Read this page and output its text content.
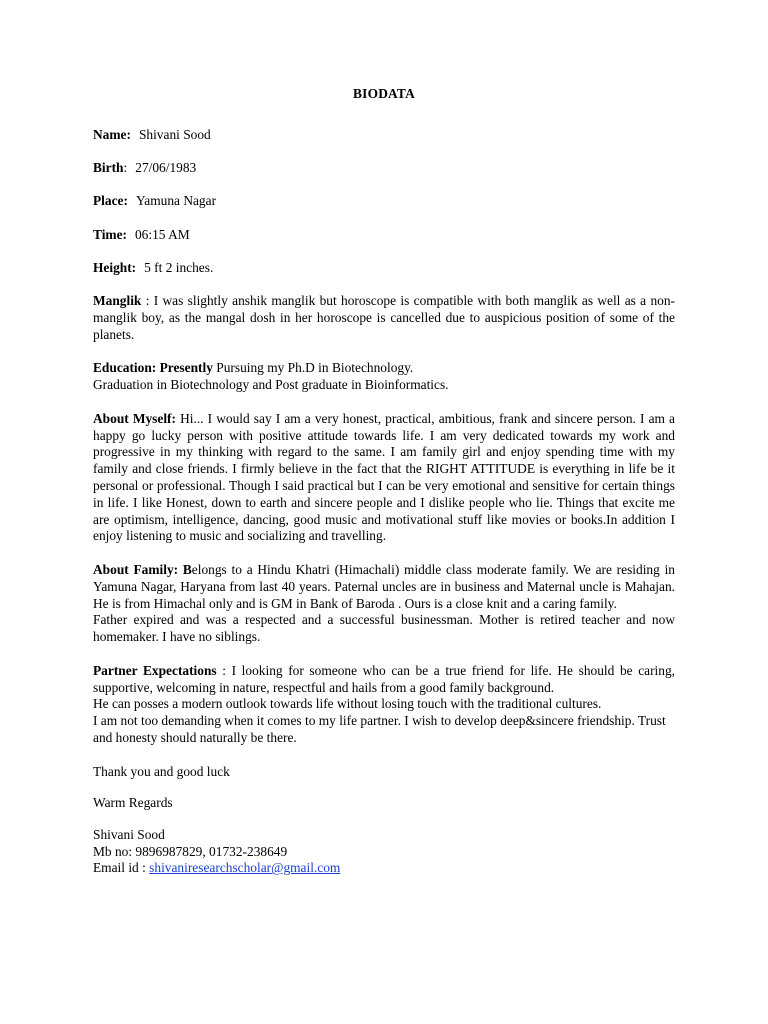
BIODATA
Name: Shivani Sood
Birth: 27/06/1983
Place: Yamuna Nagar
Time: 06:15 AM
Height: 5 ft 2 inches.
Manglik : I was slightly anshik manglik but horoscope is compatible with both manglik as well as a non- manglik boy, as the mangal dosh in her horoscope is cancelled due to auspicious position of some of the planets.
Education: Presently Pursuing my Ph.D in Biotechnology.
Graduation in Biotechnology and Post graduate in Bioinformatics.
About Myself: Hi... I would say I am a very honest, practical, ambitious, frank and sincere person. I am a happy go lucky person with positive attitude towards life. I am very dedicated towards my work and progressive in my thinking with regard to the same. I am family girl and enjoy spending time with my family and close friends. I firmly believe in the fact that the RIGHT ATTITUDE is everything in life be it personal or professional. Though I said practical but I can be very emotional and sensitive for certain things in life. I like Honest, down to earth and sincere people and I dislike people who lie. Things that excite me are optimism, intelligence, dancing, good music and motivational stuff like movies or books.In addition I enjoy listening to music and socializing and travelling.
About Family: Belongs to a Hindu Khatri (Himachali) middle class moderate family. We are residing in Yamuna Nagar, Haryana from last 40 years. Paternal uncles are in business and Maternal uncle is Mahajan. He is from Himachal only and is GM in Bank of Baroda . Ours is a close knit and a caring family.
Father expired and was a respected and a successful businessman. Mother is retired teacher and now homemaker. I have no siblings.
Partner Expectations : I looking for someone who can be a true friend for life. He should be caring, supportive, welcoming in nature, respectful and hails from a good family background.
He can posses a modern outlook towards life without losing touch with the traditional cultures.
I am not too demanding when it comes to my life partner. I wish to develop deep&sincere friendship. Trust and honesty should naturally be there.
Thank you and good luck
Warm Regards
Shivani Sood
Mb no: 9896987829, 01732-238649
Email id : shivaniresearchscholar@gmail.com
